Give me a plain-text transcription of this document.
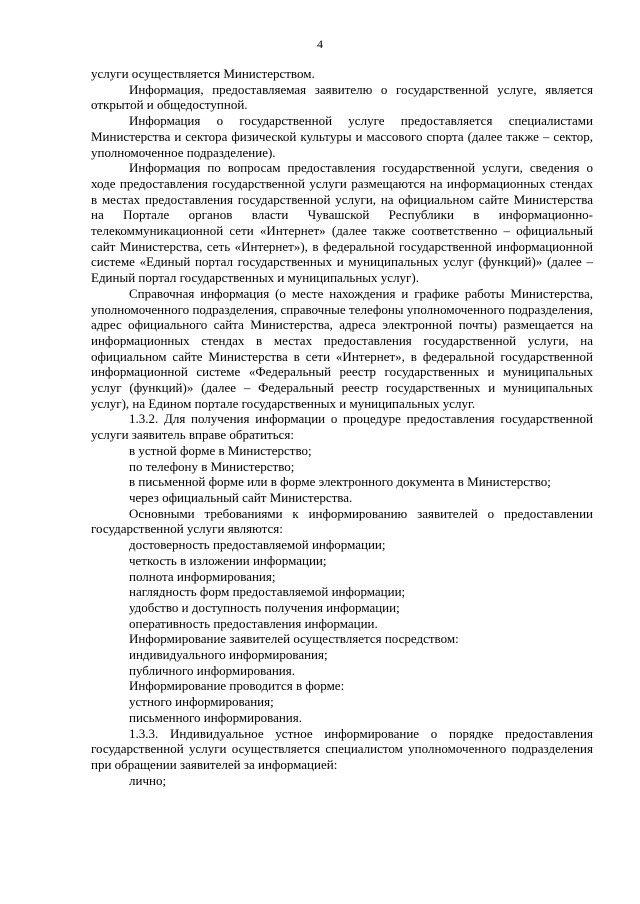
4

услуги осуществляется Министерством.

Информация, предоставляемая заявителю о государственной услуге, является открытой и общедоступной.

Информация о государственной услуге предоставляется специалистами Министерства и сектора физической культуры и массового спорта (далее также – сектор, уполномоченное подразделение).

Информация по вопросам предоставления государственной услуги, сведения о ходе предоставления государственной услуги размещаются на информационных стендах в местах предоставления государственной услуги, на официальном сайте Министерства на Портале органов власти Чувашской Республики в информационно-телекоммуникационной сети «Интернет» (далее также соответственно – официальный сайт Министерства, сеть «Интернет»), в федеральной государственной информационной системе «Единый портал государственных и муниципальных услуг (функций)» (далее – Единый портал государственных и муниципальных услуг).

Справочная информация (о месте нахождения и графике работы Министерства, уполномоченного подразделения, справочные телефоны уполномоченного подразделения, адрес официального сайта Министерства, адреса электронной почты) размещается на информационных стендах в местах предоставления государственной услуги, на официальном сайте Министерства в сети «Интернет», в федеральной государственной информационной системе «Федеральный реестр государственных и муниципальных услуг (функций)» (далее – Федеральный реестр государственных и муниципальных услуг), на Едином портале государственных и муниципальных услуг.

1.3.2. Для получения информации о процедуре предоставления государственной услуги заявитель вправе обратиться:

в устной форме в Министерство;

по телефону в Министерство;

в письменной форме или в форме электронного документа в Министерство;

через официальный сайт Министерства.

Основными требованиями к информированию заявителей о предоставлении государственной услуги являются:

достоверность предоставляемой информации;

четкость в изложении информации;

полнота информирования;

наглядность форм предоставляемой информации;

удобство и доступность получения информации;

оперативность предоставления информации.

Информирование заявителей осуществляется посредством:

индивидуального информирования;

публичного информирования.

Информирование проводится в форме:

устного информирования;

письменного информирования.

1.3.3. Индивидуальное устное информирование о порядке предоставления государственной услуги осуществляется специалистом уполномоченного подразделения при обращении заявителей за информацией:

лично;
